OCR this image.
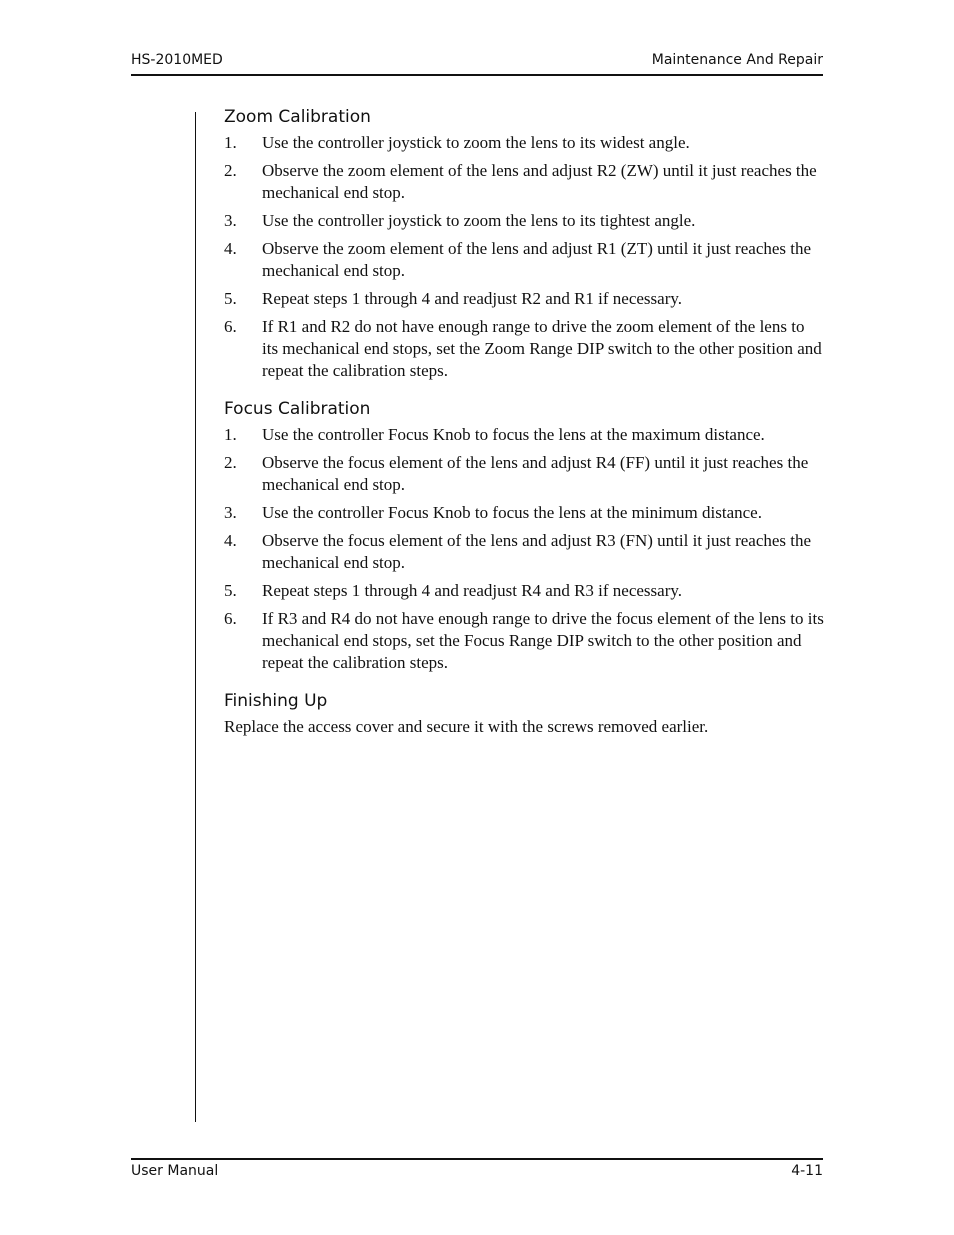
HS-2010MED	Maintenance And Repair
Zoom Calibration
1. Use the controller joystick to zoom the lens to its widest angle.
2. Observe the zoom element of the lens and adjust R2 (ZW) until it just reaches the mechanical end stop.
3. Use the controller joystick to zoom the lens to its tightest angle.
4. Observe the zoom element of the lens and adjust R1 (ZT) until it just reaches the mechanical end stop.
5. Repeat steps 1 through 4 and readjust R2 and R1 if necessary.
6. If R1 and R2 do not have enough range to drive the zoom element of the lens to its mechanical end stops, set the Zoom Range DIP switch to the other position and repeat the calibration steps.
Focus Calibration
1. Use the controller Focus Knob to focus the lens at the maximum distance.
2. Observe the focus element of the lens and adjust R4 (FF) until it just reaches the mechanical end stop.
3. Use the controller Focus Knob to focus the lens at the minimum distance.
4. Observe the focus element of the lens and adjust R3 (FN) until it just reaches the mechanical end stop.
5. Repeat steps 1 through 4 and readjust R4 and R3 if necessary.
6. If R3 and R4 do not have enough range to drive the focus element of the lens to its mechanical end stops, set the Focus Range DIP switch to the other position and repeat the calibration steps.
Finishing Up

Replace the access cover and secure it with the screws removed earlier.

User Manual	4-11
